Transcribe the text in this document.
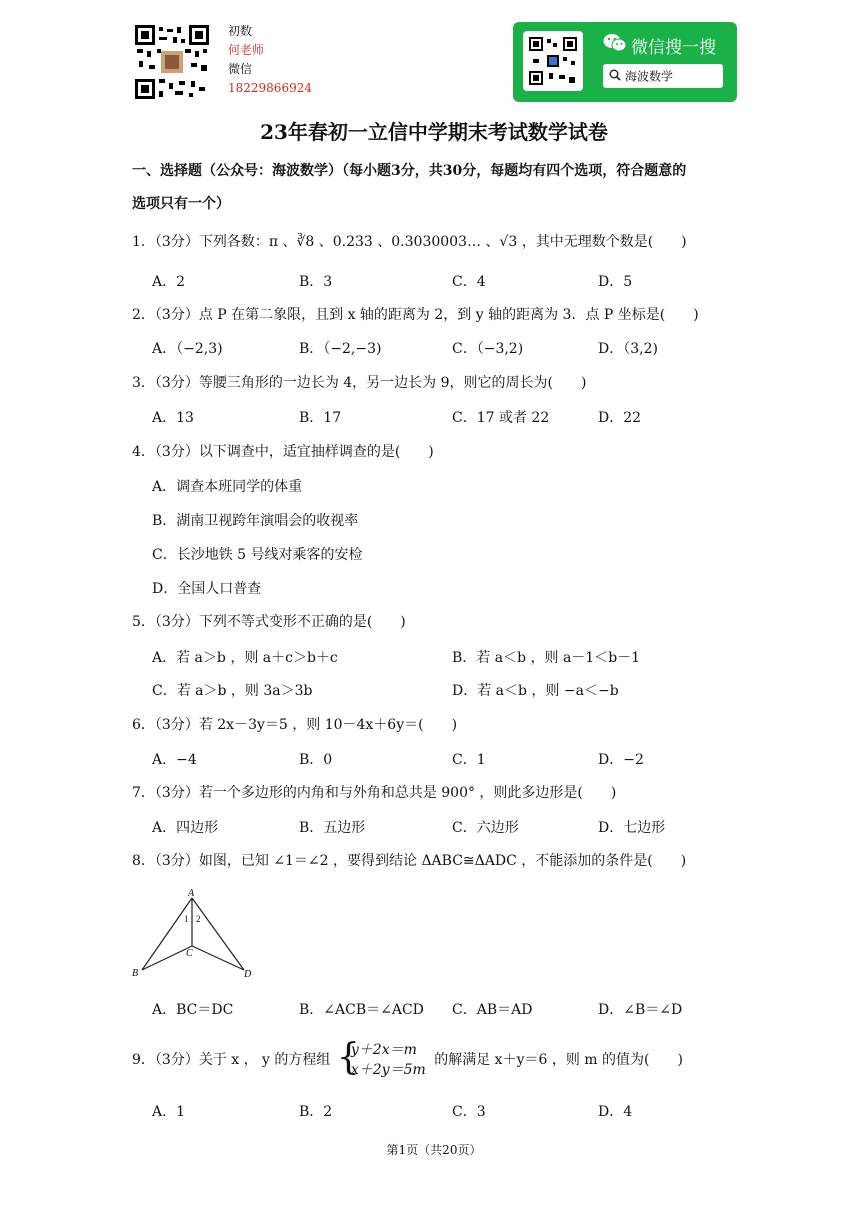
初数
何老师
微信
18229866924
微信搜一搜
海波数学
23年春初一立信中学期末考试数学试卷
一、选择题（公众号：海波数学）（每小题3分，共30分，每题均有四个选项，符合题意的
选项只有一个）
1．（3分）下列各数：π 、∛8 、0.233̇ 、0.3030003… 、√3 ，其中无理数个数是(　　)
A．2	B．3	C．4	D．5
2．（3分）点 P 在第二象限，且到 x 轴的距离为 2，到 y 轴的距离为 3．点 P 坐标是(　　)
A．（−2,3)	B．（−2,−3)	C．（−3,2)	D．（3,2)
3．（3分）等腰三角形的一边长为 4，另一边长为 9，则它的周长为(　　)
A．13	B．17	C．17 或者 22	D．22
4．（3分）以下调查中，适宜抽样调查的是(　　)
A．调查本班同学的体重
B．湖南卫视跨年演唱会的收视率
C．长沙地铁 5 号线对乘客的安检
D．全国人口普查
5．（3分）下列不等式变形不正确的是(　　)
A．若 a＞b ，则 a＋c＞b＋c	B．若 a＜b ，则 a－1＜b－1
C．若 a＞b ，则 3a＞3b	D．若 a＜b ，则 −a＜−b
6．（3分）若 2x－3y＝5 ，则 10－4x＋6y＝(　　)
A．−4	B．0	C．1	D．−2
7．（3分）若一个多边形的内角和与外角和总共是 900° ，则此多边形是(　　)
A．四边形	B．五边形	C．六边形	D．七边形
8．（3分）如图，已知 ∠1＝∠2 ，要得到结论 ΔABC≅ΔADC ，不能添加的条件是(　　)
A
B
C
D
1 2
A．BC＝DC	B．∠ACB＝∠ACD C．AB＝AD	D．∠B＝∠D
9．（3分）关于 x ， y 的方程组 {
y＋2x＝m
x＋2y＝5m
的解满足 x＋y＝6 ，则 m 的值为(　　)
A．1	B．2	C．3	D．4
第1页（共20页）
